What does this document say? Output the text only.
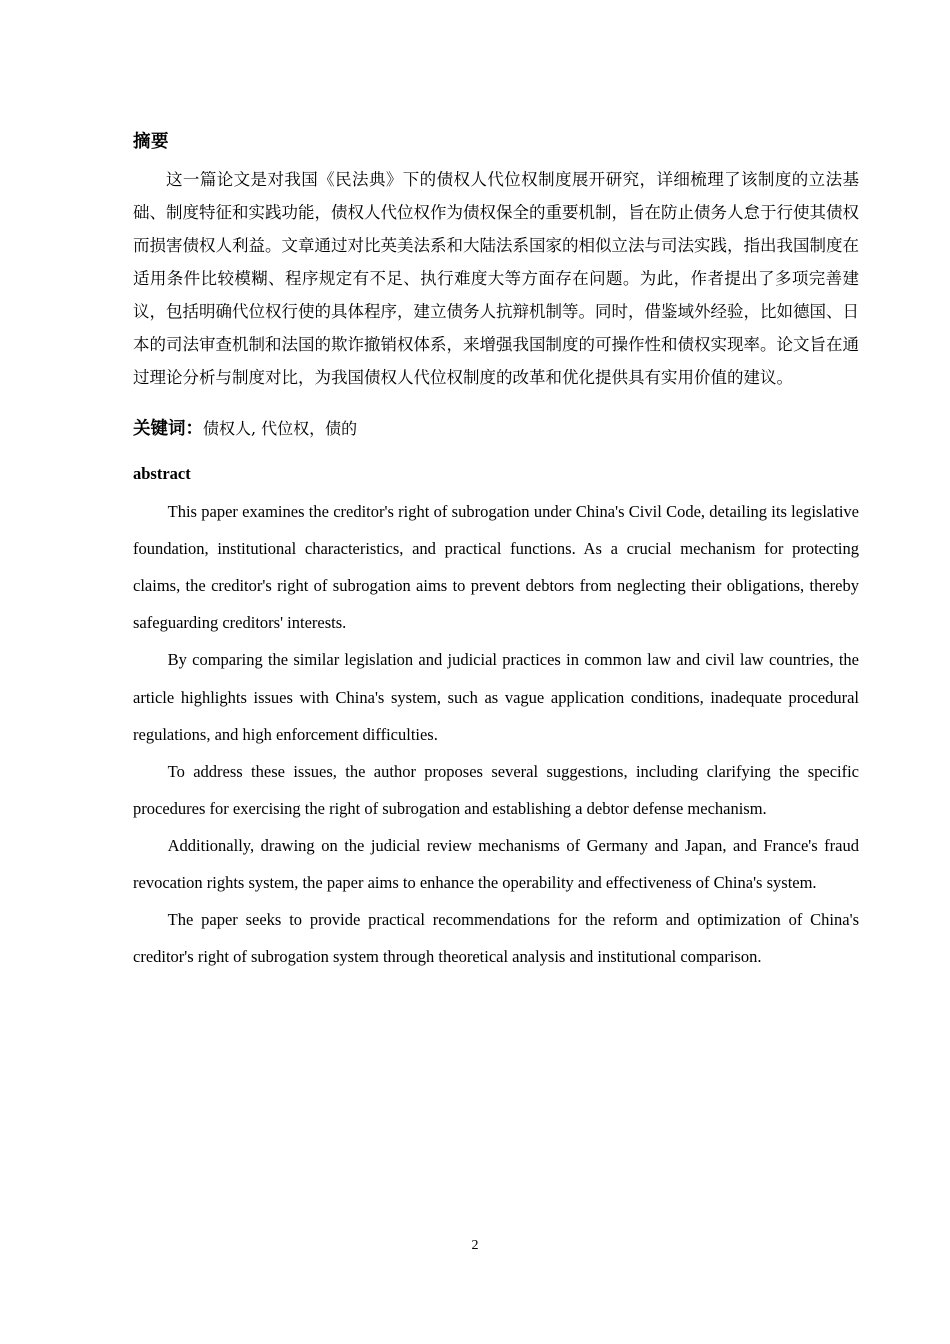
摘要

这一篇论文是对我国《民法典》下的债权人代位权制度展开研究，详细梳理了该制度的立法基础、制度特征和实践功能，债权人代位权作为债权保全的重要机制，旨在防止债务人怠于行使其债权而损害债权人利益。文章通过对比英美法系和大陆法系国家的相似立法与司法实践，指出我国制度在适用条件比较模糊、程序规定有不足、执行难度大等方面存在问题。为此，作者提出了多项完善建议，包括明确代位权行使的具体程序，建立债务人抗辩机制等。同时，借鉴域外经验，比如德国、日本的司法审查机制和法国的欺诈撤销权体系，来增强我国制度的可操作性和债权实现率。论文旨在通过理论分析与制度对比，为我国债权人代位权制度的改革和优化提供具有实用价值的建议。

关键词：债权人, 代位权，债的

abstract

This paper examines the creditor's right of subrogation under China's Civil Code, detailing its legislative foundation, institutional characteristics, and practical functions. As a crucial mechanism for protecting claims, the creditor's right of subrogation aims to prevent debtors from neglecting their obligations, thereby safeguarding creditors' interests.

By comparing the similar legislation and judicial practices in common law and civil law countries, the article highlights issues with China's system, such as vague application conditions, inadequate procedural regulations, and high enforcement difficulties.

To address these issues, the author proposes several suggestions, including clarifying the specific procedures for exercising the right of subrogation and establishing a debtor defense mechanism.

Additionally, drawing on the judicial review mechanisms of Germany and Japan, and France's fraud revocation rights system, the paper aims to enhance the operability and effectiveness of China's system.

The paper seeks to provide practical recommendations for the reform and optimization of China's creditor's right of subrogation system through theoretical analysis and institutional comparison.

2
